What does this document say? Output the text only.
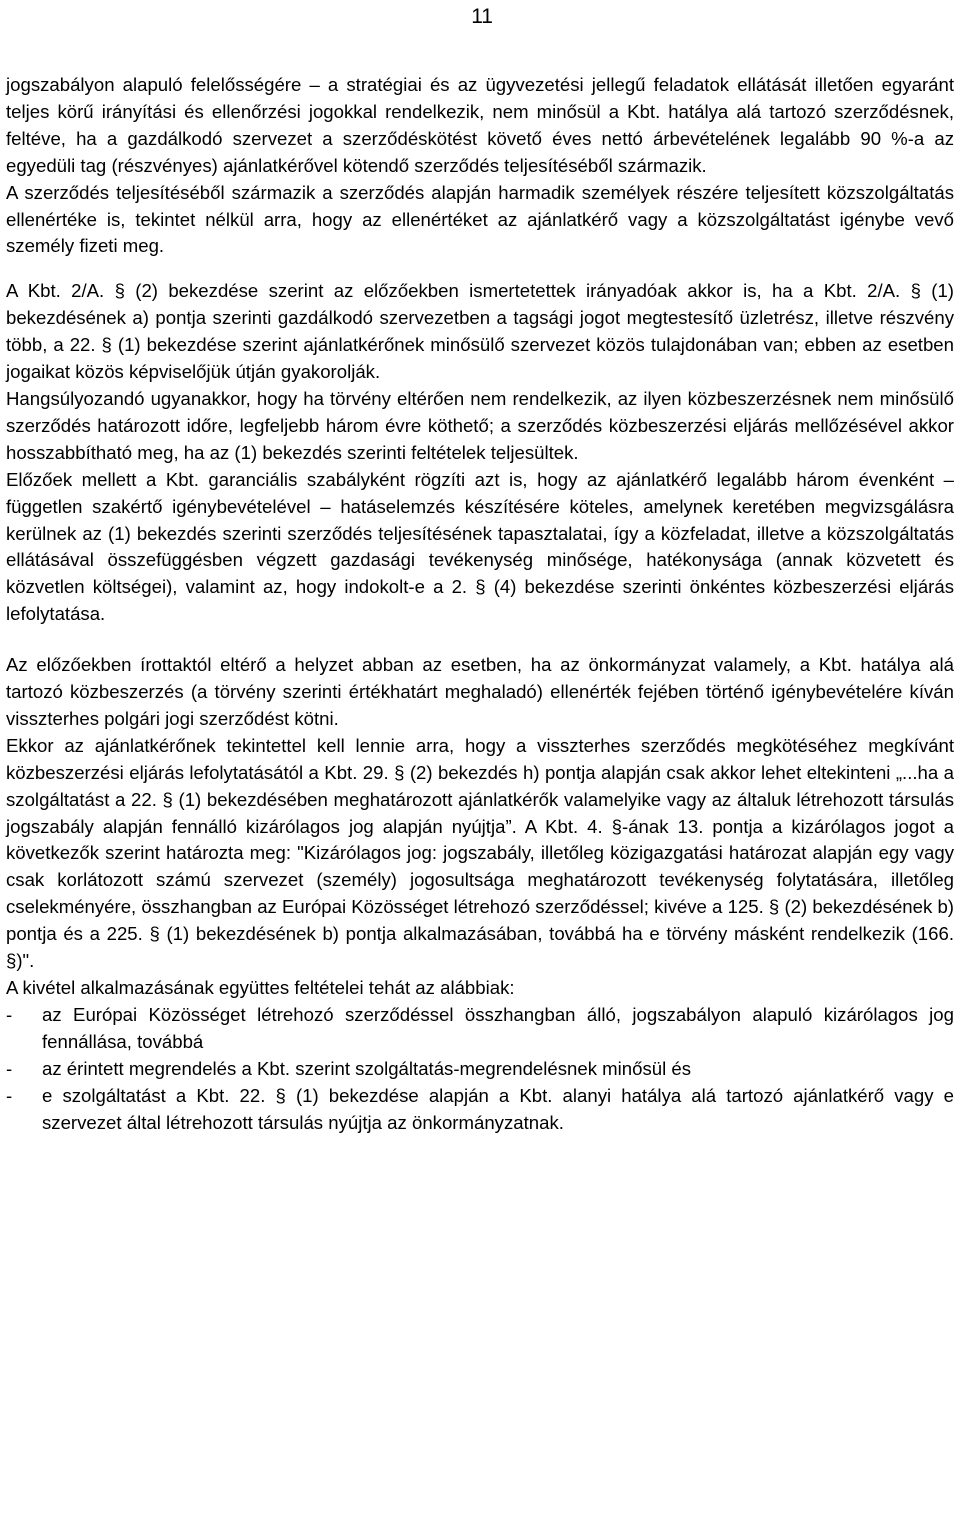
11

jogszabályon alapuló felelősségére – a stratégiai és az ügyvezetési jellegű feladatok ellátását illetően egyaránt teljes körű irányítási és ellenőrzési jogokkal rendelkezik, nem minősül a Kbt. hatálya alá tartozó szerződésnek, feltéve, ha a gazdálkodó szervezet a szerződéskötést követő éves nettó árbevételének legalább 90 %-a az egyedüli tag (részvényes) ajánlatkérővel kötendő szerződés teljesítéséből származik.

A szerződés teljesítéséből származik a szerződés alapján harmadik személyek részére teljesített közszolgáltatás ellenértéke is, tekintet nélkül arra, hogy az ellenértéket az ajánlatkérő vagy a közszolgáltatást igénybe vevő személy fizeti meg.

A Kbt. 2/A. § (2) bekezdése szerint az előzőekben ismertetettek irányadóak akkor is, ha a Kbt. 2/A. § (1) bekezdésének a) pontja szerinti gazdálkodó szervezetben a tagsági jogot megtestesítő üzletrész, illetve részvény több, a 22. § (1) bekezdése szerint ajánlatkérőnek minősülő szervezet közös tulajdonában van; ebben az esetben jogaikat közös képviselőjük útján gyakorolják.

Hangsúlyozandó ugyanakkor, hogy ha törvény eltérően nem rendelkezik, az ilyen közbeszerzésnek nem minősülő szerződés határozott időre, legfeljebb három évre köthető; a szerződés közbeszerzési eljárás mellőzésével akkor hosszabbítható meg, ha az (1) bekezdés szerinti feltételek teljesültek.

Előzőek mellett a Kbt. garanciális szabályként rögzíti azt is, hogy az ajánlatkérő legalább három évenként – független szakértő igénybevételével – hatáselemzés készítésére köteles, amelynek keretében megvizsgálásra kerülnek az (1) bekezdés szerinti szerződés teljesítésének tapasztalatai, így a közfeladat, illetve a közszolgáltatás ellátásával összefüggésben végzett gazdasági tevékenység minősége, hatékonysága (annak közvetett és közvetlen költségei), valamint az, hogy indokolt-e a 2. § (4) bekezdése szerinti önkéntes közbeszerzési eljárás lefolytatása.

Az előzőekben írottaktól eltérő a helyzet abban az esetben, ha az önkormányzat valamely, a Kbt. hatálya alá tartozó közbeszerzés (a törvény szerinti értékhatárt meghaladó) ellenérték fejében történő igénybevételére kíván visszterhes polgári jogi szerződést kötni.

Ekkor az ajánlatkérőnek tekintettel kell lennie arra, hogy a visszterhes szerződés megkötéséhez megkívánt közbeszerzési eljárás lefolytatásától a Kbt. 29. § (2) bekezdés h) pontja alapján csak akkor lehet eltekinteni „...ha a szolgáltatást a 22. § (1) bekezdésében meghatározott ajánlatkérők valamelyike vagy az általuk létrehozott társulás jogszabály alapján fennálló kizárólagos jog alapján nyújtja”. A Kbt. 4. §-ának 13. pontja a kizárólagos jogot a következők szerint határozta meg: "Kizárólagos jog: jogszabály, illetőleg közigazgatási határozat alapján egy vagy csak korlátozott számú szervezet (személy) jogosultsága meghatározott tevékenység folytatására, illetőleg cselekményére, összhangban az Európai Közösséget létrehozó szerződéssel; kivéve a 125. § (2) bekezdésének b) pontja és a 225. § (1) bekezdésének b) pontja alkalmazásában, továbbá ha e törvény másként rendelkezik (166. §)".

A kivétel alkalmazásának együttes feltételei tehát az alábbiak:

- az Európai Közösséget létrehozó szerződéssel összhangban álló, jogszabályon alapuló kizárólagos jog fennállása, továbbá
- az érintett megrendelés a Kbt. szerint szolgáltatás-megrendelésnek minősül és
- e szolgáltatást a Kbt. 22. § (1) bekezdése alapján a Kbt. alanyi hatálya alá tartozó ajánlatkérő vagy e szervezet által létrehozott társulás nyújtja az önkormányzatnak.
